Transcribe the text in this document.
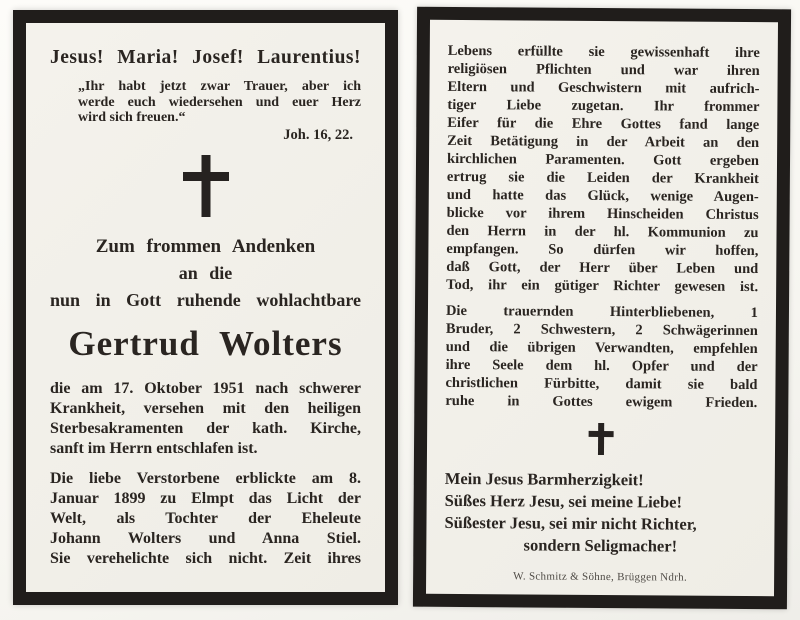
Jesus! Maria! Josef! Laurentius!
„Ihr habt jetzt zwar Trauer, aber ich
werde euch wiedersehen und euer Herz
wird sich freuen.“
Joh. 16, 22.
Zum frommen Andenken
an die
nun in Gott ruhende wohlachtbare
Gertrud Wolters

die am 17. Oktober 1951 nach schwerer
Krankheit, versehen mit den heiligen
Sterbesakramenten der kath. Kirche,
sanft im Herrn entschlafen ist.

Die liebe Verstorbene erblickte am 8.
Januar 1899 zu Elmpt das Licht der
Welt, als Tochter der Eheleute
Johann Wolters und Anna Stiel.
Sie verehelichte sich nicht. Zeit ihres

Lebens erfüllte sie gewissenhaft ihre
religiösen Pflichten und war ihren
Eltern und Geschwistern mit aufrich-
tiger Liebe zugetan. Ihr frommer
Eifer für die Ehre Gottes fand lange
Zeit Betätigung in der Arbeit an den
kirchlichen Paramenten. Gott ergeben
ertrug sie die Leiden der Krankheit
und hatte das Glück, wenige Augen-
blicke vor ihrem Hinscheiden Christus
den Herrn in der hl. Kommunion zu
empfangen. So dürfen wir hoffen,
daß Gott, der Herr über Leben und
Tod, ihr ein gütiger Richter gewesen ist.

Die trauernden Hinterbliebenen, 1
Bruder, 2 Schwestern, 2 Schwägerinnen
und die übrigen Verwandten, empfehlen
ihre Seele dem hl. Opfer und der
christlichen Fürbitte, damit sie bald
ruhe in Gottes ewigem Frieden.

Mein Jesus Barmherzigkeit!
Süßes Herz Jesu, sei meine Liebe!
Süßester Jesu, sei mir nicht Richter,
sondern Seligmacher!
W. Schmitz & Söhne, Brüggen Ndrh.
